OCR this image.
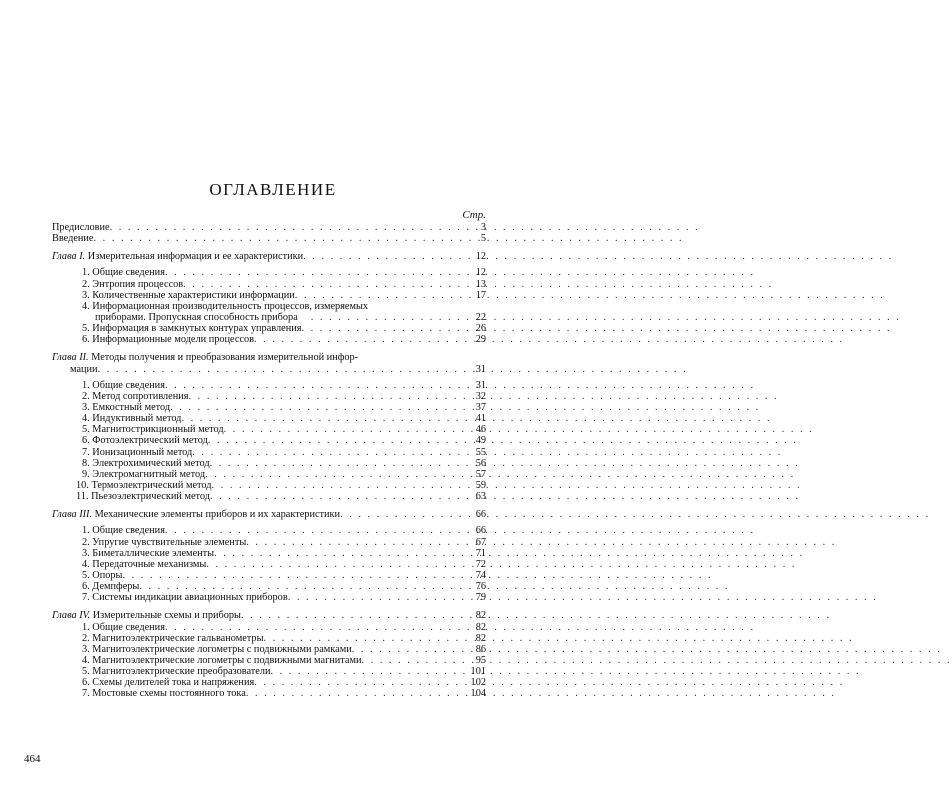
ОГЛАВЛЕНИЕ
Стр.
Предисловие . . .	3
Введение . . .	5
Глава I. Измерительная информация и ее характеристики . . .	12
1. Общие сведения . . .	12
2. Энтропия процессов . . .	13
3. Количественные характеристики информации . . .	17
4. Информационная производительность процессов, измеряемых
приборами. Пропускная способность прибора . . .	22
5. Информация в замкнутых контурах управления . . .	26
6. Информационные модели процессов . . .	29
Глава II. Методы получения и преобразования измерительной инфор-
мации . . .	31
1. Общие сведения . . .	31
2. Метод сопротивления . . .	32
3. Емкостный метод . . .	37
4. Индуктивный метод . . .	41
5. Магнитострикционный метод . . .	46
6. Фотоэлектрический метод . . .	49
7. Ионизационный метод . . .	55
8. Электрохимический метод . . .	56
9. Электромагнитный метод . . .	57
10. Термоэлектрический метод . . .	59
11. Пьезоэлектрический метод . . .	63
Глава III. Механические элементы приборов и их характеристики . . .	66
1. Общие сведения . . .	66
2. Упругие чувствительные элементы . . .	67
3. Биметаллические элементы . . .	71
4. Передаточные механизмы . . .	72
5. Опоры . . .	74
6. Демпферы . . .	76
7. Системы индикации авиационных приборов . . .	79
Глава IV. Измерительные схемы и приборы . . .	82
1. Общие сведения . . .	82
2. Магнитоэлектрические гальванометры . . .	82
3. Магнитоэлектрические логометры с подвижными рамками . . .	86
4. Магнитоэлектрические логометры с подвижными магнитами . . .	95
5. Магнитоэлектрические преобразователи . . .	101
6. Схемы делителей тока и напряжения . . .	102
7. Мостовые схемы постоянного тока . . .	104
464
